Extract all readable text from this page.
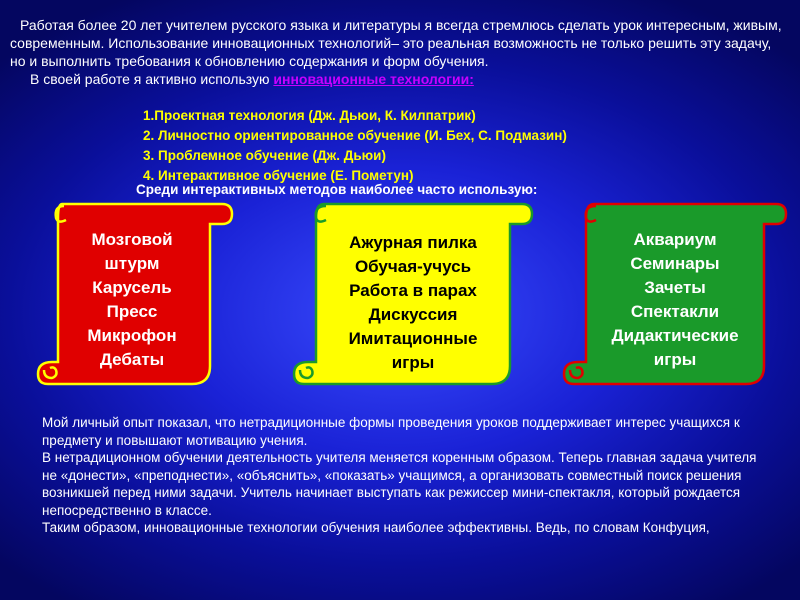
Работая более 20 лет учителем русского языка и литературы я всегда стремлюсь сделать урок интересным, живым, современным. Использование инновационных технологий– это реальная возможность не только решить эту задачу, но и выполнить требования к обновлению содержания и форм обучения.

В своей работе я активно использую инновационные технологии:

1.Проектная технология (Дж. Дьюи, К. Килпатрик)
2. Личностно ориентированное обучение (И. Бех, С. Подмазин)
3. Проблемное обучение (Дж. Дьюи)
4. Интерактивное обучение (Е. Пометун)
Среди интерактивных методов наиболее часто использую:
Мозговой
штурм
Карусель
Пресс
Микрофон
Дебаты
Ажурная пилка
Обучая-учусь
Работа в парах
Дискуссия
Имитационные
игры
Аквариум
Семинары
Зачеты
Спектакли
Дидактические
игры

Мой личный опыт показал, что нетрадиционные формы проведения уроков поддерживает интерес учащихся к предмету и повышают мотивацию учения.

В нетрадиционном обучении деятельность учителя меняется коренным образом. Теперь главная задача учителя не «донести», «преподнести», «объяснить», «показать» учащимся, а организовать совместный поиск решения возникшей перед ними задачи. Учитель начинает выступать как режиссер мини-спектакля, который рождается непосредственно в классе.

Таким образом, инновационные технологии обучения наиболее эффективны. Ведь, по словам Конфуция,
